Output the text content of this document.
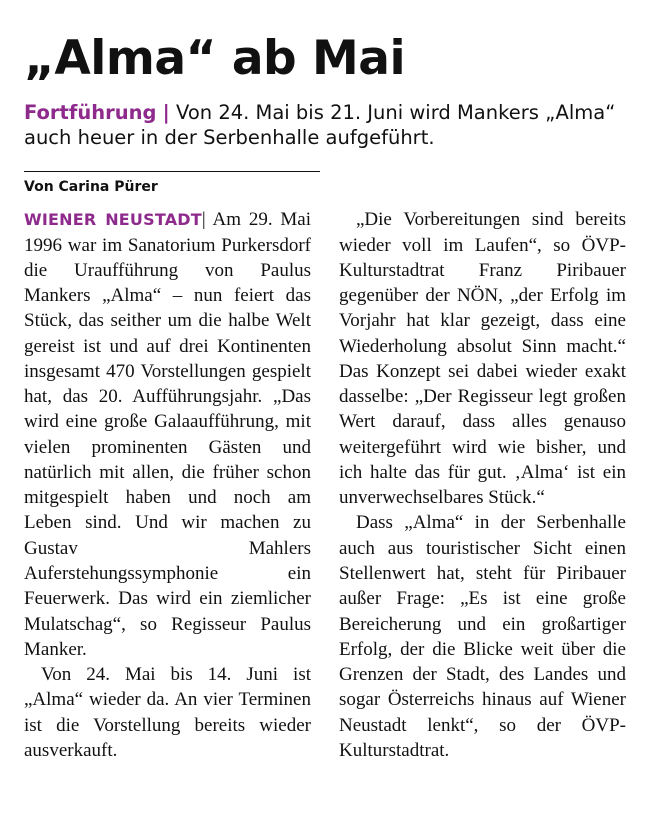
„Alma“ ab Mai
Fortführung | Von 24. Mai bis 21. Juni wird Mankers „Alma“ auch heuer in der Serbenhalle aufgeführt.
Von Carina Pürer

WIENER NEUSTADT| Am 29. Mai 1996 war im Sanatorium Purkersdorf die Uraufführung von Paulus Mankers „Alma“ – nun feiert das Stück, das seither um die halbe Welt gereist ist und auf drei Kontinenten insgesamt 470 Vorstellungen gespielt hat, das 20. Aufführungsjahr. „Das wird eine große Galaaufführung, mit vielen prominenten Gästen und natürlich mit allen, die früher schon mitgespielt haben und noch am Leben sind. Und wir machen zu Gustav Mahlers Auferstehungssymphonie ein Feuerwerk. Das wird ein ziemlicher Mulatschag“, so Regisseur Paulus Manker.

Von 24. Mai bis 14. Juni ist „Alma“ wieder da. An vier Terminen ist die Vorstellung bereits wieder ausverkauft.

„Die Vorbereitungen sind bereits wieder voll im Laufen“, so ÖVP-Kulturstadtrat Franz Piribauer gegenüber der NÖN, „der Erfolg im Vorjahr hat klar gezeigt, dass eine Wiederholung absolut Sinn macht.“ Das Konzept sei dabei wieder exakt dasselbe: „Der Regisseur legt großen Wert darauf, dass alles genauso weitergeführt wird wie bisher, und ich halte das für gut. ‚Alma‘ ist ein unverwechselbares Stück.“

Dass „Alma“ in der Serbenhalle auch aus touristischer Sicht einen Stellenwert hat, steht für Piribauer außer Frage: „Es ist eine große Bereicherung und ein großartiger Erfolg, der die Blicke weit über die Grenzen der Stadt, des Landes und sogar Österreichs hinaus auf Wiener Neustadt lenkt“, so der ÖVP-Kulturstadtrat.
